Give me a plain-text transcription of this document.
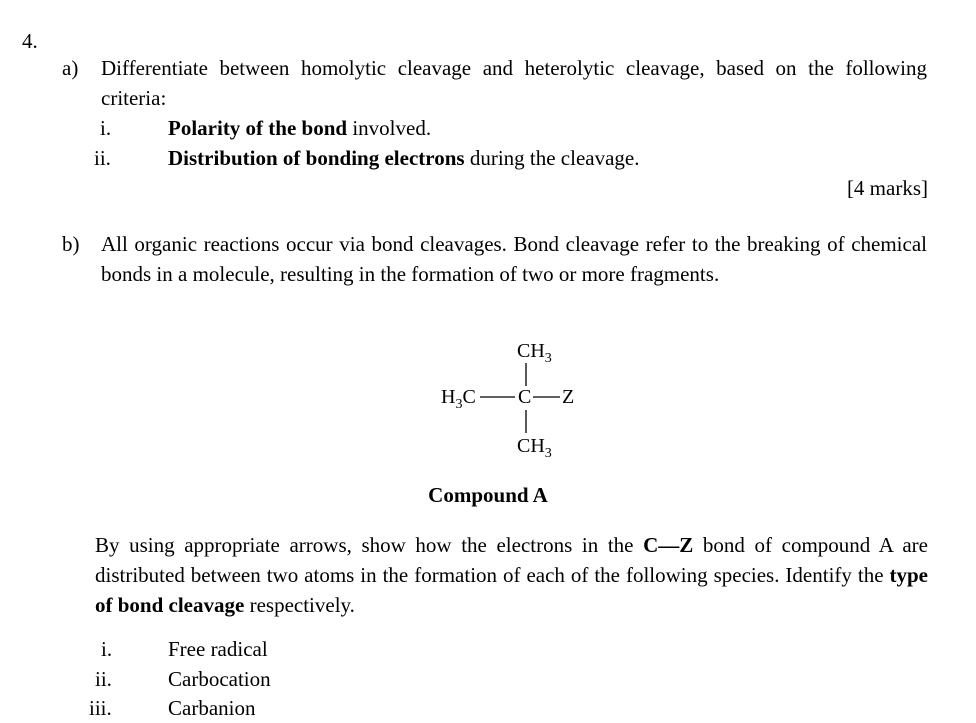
4.
a) Differentiate between homolytic cleavage and heterolytic cleavage, based on the following criteria:
i.	Polarity of the bond involved.
ii.	Distribution of bonding electrons during the cleavage.
[4 marks]
b) All organic reactions occur via bond cleavages. Bond cleavage refer to the breaking of chemical bonds in a molecule, resulting in the formation of two or more fragments.
$CH_3$
$H_3C$ C Z
$CH_3$
Compound A
By using appropriate arrows, show how the electrons in the C—Z bond of compound A are distributed between two atoms in the formation of each of the following species. Identify the type of bond cleavage respectively.
i.	Free radical
ii.	Carbocation
iii.	Carbanion
